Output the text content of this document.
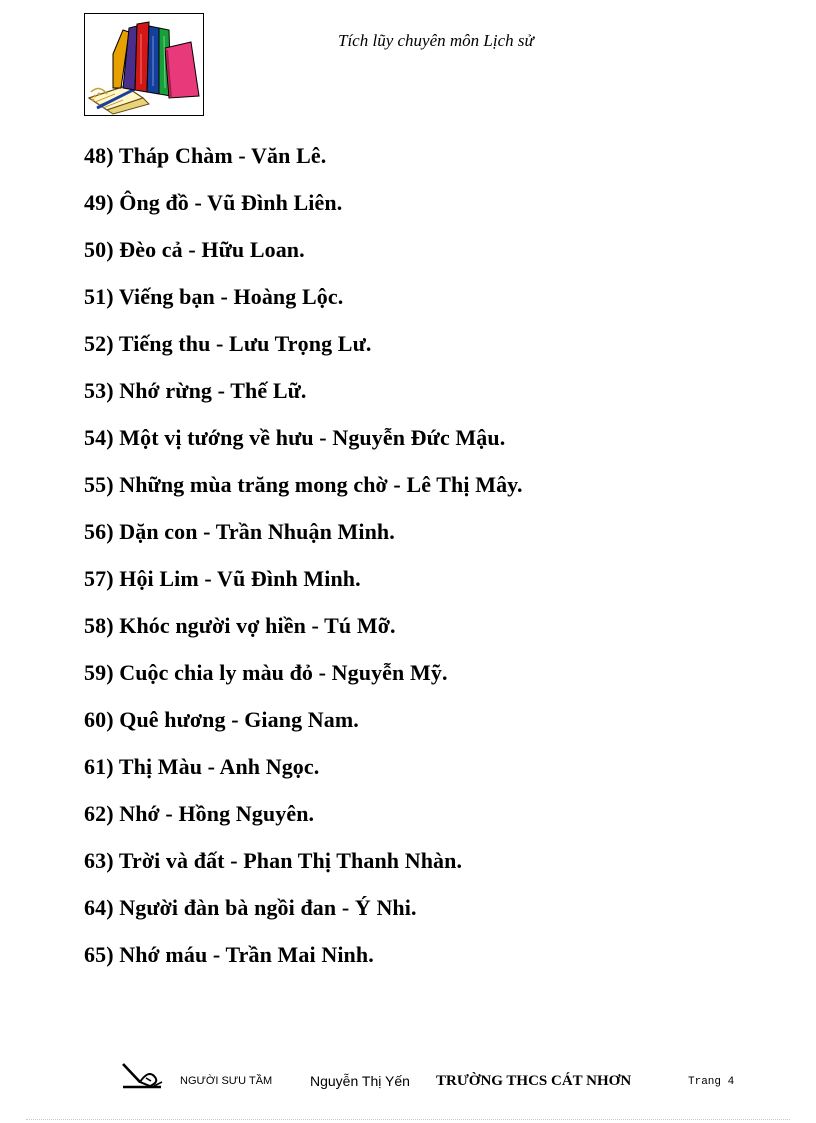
Tích lũy chuyên môn Lịch sử
48) Tháp Chàm - Văn Lê.
49) Ông đồ - Vũ Đình Liên.
50) Đèo cả - Hữu Loan.
51) Viếng bạn - Hoàng Lộc.
52) Tiếng thu - Lưu Trọng Lư.
53) Nhớ rừng - Thế Lữ.
54) Một vị tướng về hưu - Nguyễn Đức Mậu.
55) Những mùa trăng mong chờ - Lê Thị Mây.
56) Dặn con - Trần Nhuận Minh.
57) Hội Lim - Vũ Đình Minh.
58) Khóc người vợ hiền - Tú Mỡ.
59) Cuộc chia ly màu đỏ - Nguyễn Mỹ.
60) Quê hương - Giang Nam.
61) Thị Màu - Anh Ngọc.
62) Nhớ - Hồng Nguyên.
63) Trời và đất - Phan Thị Thanh Nhàn.
64) Người đàn bà ngồi đan - Ý Nhi.
65) Nhớ máu - Trần Mai Ninh.
NGƯỜI SƯU TẦM	Nguyễn Thị Yến TRƯỜNG THCS CÁT NHƠN	Trang 4
